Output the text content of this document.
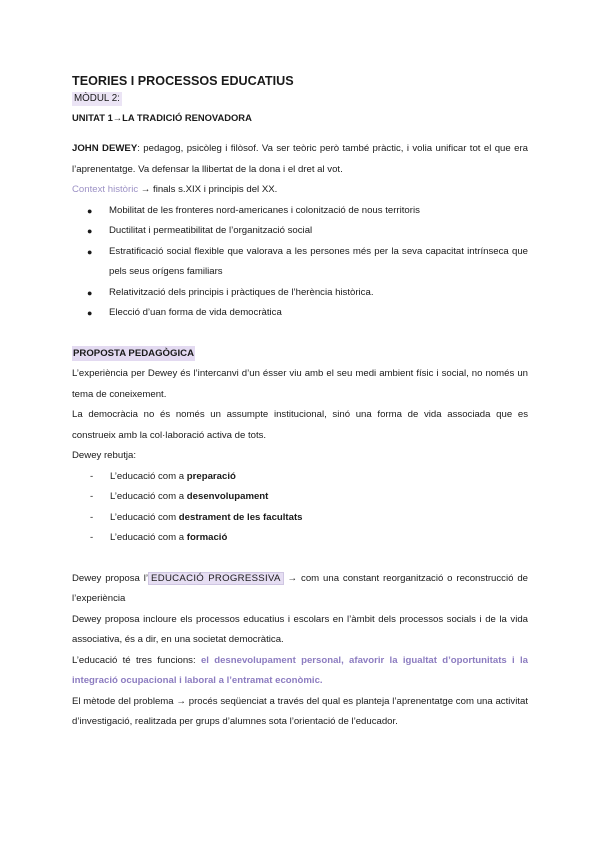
TEORIES I PROCESSOS EDUCATIUS
MÒDUL 2:
UNITAT 1→LA TRADICIÓ RENOVADORA

JOHN DEWEY: pedagog, psicòleg i filòsof. Va ser teòric però també pràctic, i volia unificar tot el que era l’aprenentatge. Va defensar la llibertat de la dona i el dret al vot.

Context històric → finals s.XIX i principis del XX.

● Mobilitat de les fronteres nord-americanes i colonització de nous territoris
● Ductilitat i permeatibilitat de l’organització social
● Estratificació social flexible que valorava a les persones més per la seva capacitat intrínseca que pels seus orígens familiars
● Relativització dels principis i pràctiques de l’herència històrica.
● Elecció d’uan forma de vida democràtica
PROPOSTA PEDAGÒGICA

L’experiència per Dewey és l’intercanvi d’un ésser viu amb el seu medi ambient físic i social, no només un tema de coneixement.

La democràcia no és només un assumpte institucional, sinó una forma de vida associada que es construeix amb la col·laboració activa de tots.

Dewey rebutja:

- L’educació com a preparació
- L’educació com a desenvolupament
- L’educació com destrament de les facultats
- L’educació com a formació

Dewey proposa l’ EDUCACIÓ PROGRESSIVA → com una constant reorganització o reconstrucció de l’experiència

Dewey proposa incloure els processos educatius i escolars en l’àmbit dels processos socials i de la vida associativa, és a dir, en una societat democràtica.

L’educació té tres funcions: el desnevolupament personal, afavorir la igualtat d’oportunitats i la integració ocupacional i laboral a l’entramat econòmic.

El mètode del problema → procés seqüenciat a través del qual es planteja l’aprenentatge com una activitat d’investigació, realitzada per grups d’alumnes sota l’orientació de l’educador.
